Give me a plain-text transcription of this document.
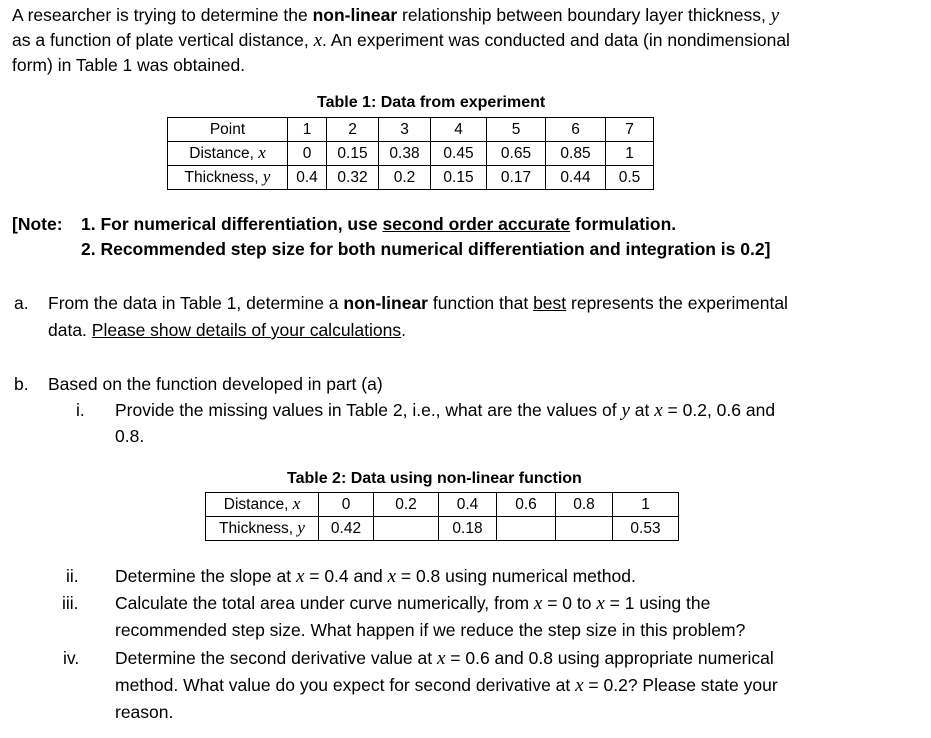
A researcher is trying to determine the non-linear relationship between boundary layer thickness, y
as a function of plate vertical distance, x. An experiment was conducted and data (in nondimensional
form) in Table 1 was obtained.
Table 1: Data from experiment
Point	1	2	3	4	5	6	7
Distance, x	0	0.15	0.38	0.45	0.65	0.85	1
Thickness, y	0.4	0.32	0.2	0.15	0.17	0.44	0.5
[Note: 1. For numerical differentiation, use second order accurate formulation.
2. Recommended step size for both numerical differentiation and integration is 0.2]
a. From the data in Table 1, determine a non-linear function that best represents the experimental
data. Please show details of your calculations.
b. Based on the function developed in part (a)
i. Provide the missing values in Table 2, i.e., what are the values of y at x = 0.2, 0.6 and
0.8.
Table 2: Data using non-linear function
Distance, x	0	0.2	0.4	0.6	0.8	1
Thickness, y	0.42		0.18			0.53
ii. Determine the slope at x = 0.4 and x = 0.8 using numerical method.
iii. Calculate the total area under curve numerically, from x = 0 to x = 1 using the
recommended step size. What happen if we reduce the step size in this problem?
iv. Determine the second derivative value at x = 0.6 and 0.8 using appropriate numerical
method. What value do you expect for second derivative at x = 0.2? Please state your
reason.
